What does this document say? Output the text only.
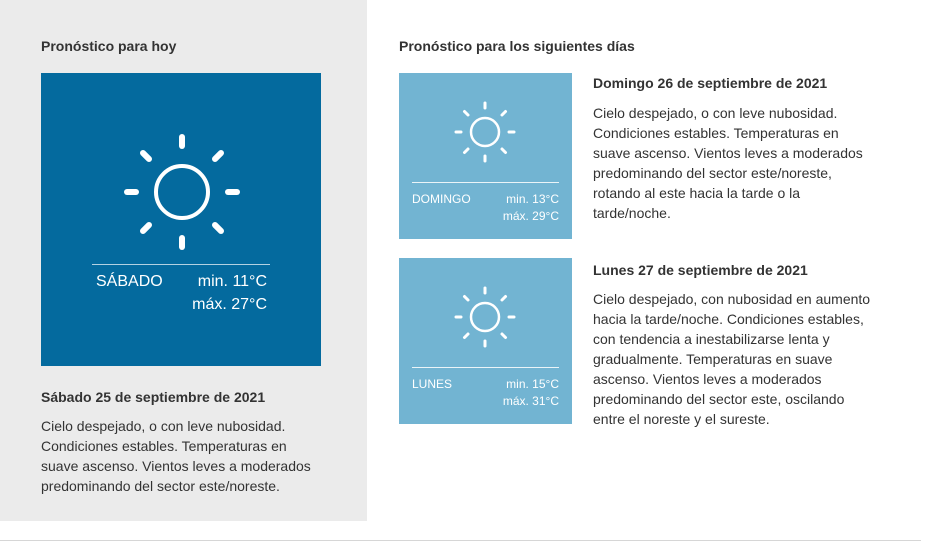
Pronóstico para hoy
SÁBADO	min. 11°C
máx. 27°C
Sábado 25 de septiembre de 2021
Cielo despejado, o con leve nubosidad.
Condiciones estables. Temperaturas en
suave ascenso. Vientos leves a moderados
predominando del sector este/noreste.
Pronóstico para los siguientes días
DOMINGO	min. 13°C
máx. 29°C
Domingo 26 de septiembre de 2021
Cielo despejado, o con leve nubosidad.
Condiciones estables. Temperaturas en
suave ascenso. Vientos leves a moderados
predominando del sector este/noreste,
rotando al este hacia la tarde o la
tarde/noche.
LUNES	min. 15°C
máx. 31°C
Lunes 27 de septiembre de 2021
Cielo despejado, con nubosidad en aumento
hacia la tarde/noche. Condiciones estables,
con tendencia a inestabilizarse lenta y
gradualmente. Temperaturas en suave
ascenso. Vientos leves a moderados
predominando del sector este, oscilando
entre el noreste y el sureste.
